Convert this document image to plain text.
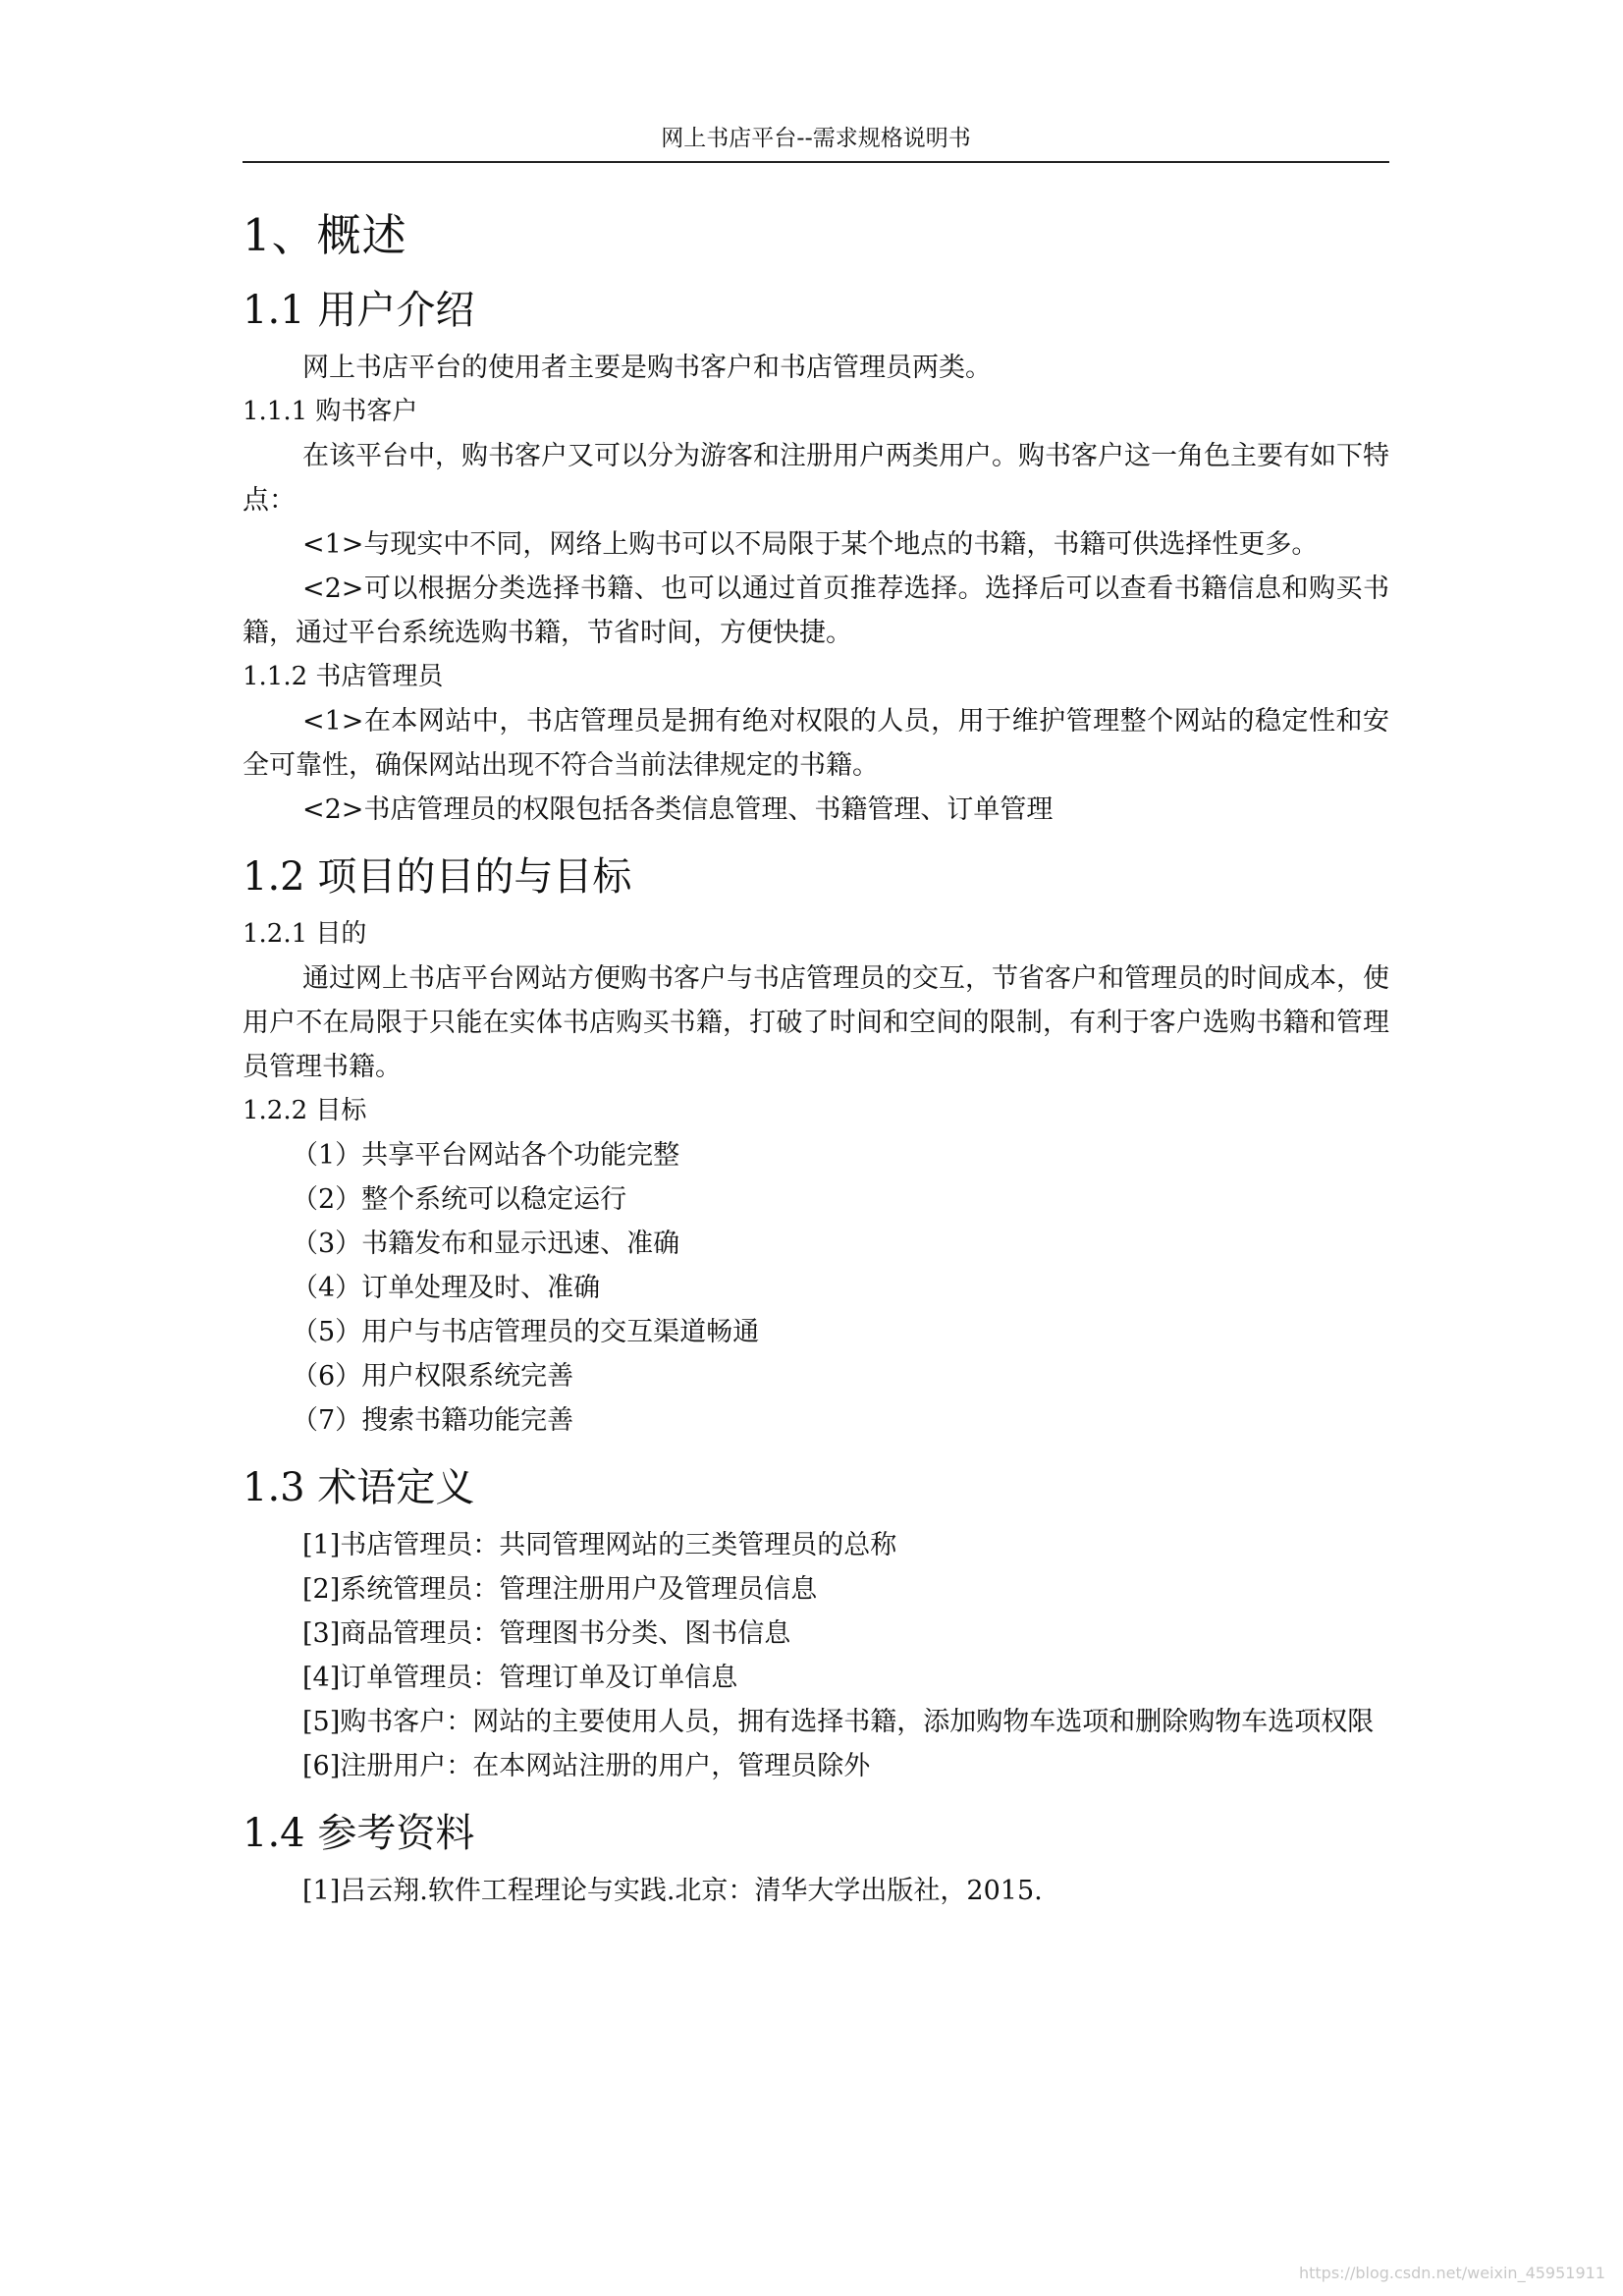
网上书店平台--需求规格说明书
1、概述
1.1 用户介绍

网上书店平台的使用者主要是购书客户和书店管理员两类。

1.1.1 购书客户

在该平台中，购书客户又可以分为游客和注册用户两类用户。购书客户这一角色主要有如下特点：

<1>与现实中不同，网络上购书可以不局限于某个地点的书籍，书籍可供选择性更多。

<2>可以根据分类选择书籍、也可以通过首页推荐选择。选择后可以查看书籍信息和购买书籍，通过平台系统选购书籍，节省时间，方便快捷。

1.1.2 书店管理员

<1>在本网站中，书店管理员是拥有绝对权限的人员，用于维护管理整个网站的稳定性和安全可靠性，确保网站出现不符合当前法律规定的书籍。

<2>书店管理员的权限包括各类信息管理、书籍管理、订单管理

1.2 项目的目的与目标
1.2.1 目的

通过网上书店平台网站方便购书客户与书店管理员的交互，节省客户和管理员的时间成本，使用户不在局限于只能在实体书店购买书籍，打破了时间和空间的限制，有利于客户选购书籍和管理员管理书籍。

1.2.2 目标

（1）共享平台网站各个功能完整

（2）整个系统可以稳定运行

（3）书籍发布和显示迅速、准确

（4）订单处理及时、准确

（5）用户与书店管理员的交互渠道畅通

（6）用户权限系统完善

（7）搜索书籍功能完善

1.3 术语定义
[1]书店管理员： 共同管理网站的三类管理员的总称
[2]系统管理员： 管理注册用户及管理员信息
[3]商品管理员： 管理图书分类、图书信息
[4]订单管理员： 管理订单及订单信息
[5]购书客户： 网站的主要使用人员，拥有选择书籍，添加购物车选项和删除购物车选项权限
[6]注册用户： 在本网站注册的用户，管理员除外
1.4 参考资料

[1]吕云翔.软件工程理论与实践.北京：清华大学出版社，2015.

https://blog.csdn.net/weixin_45951911
